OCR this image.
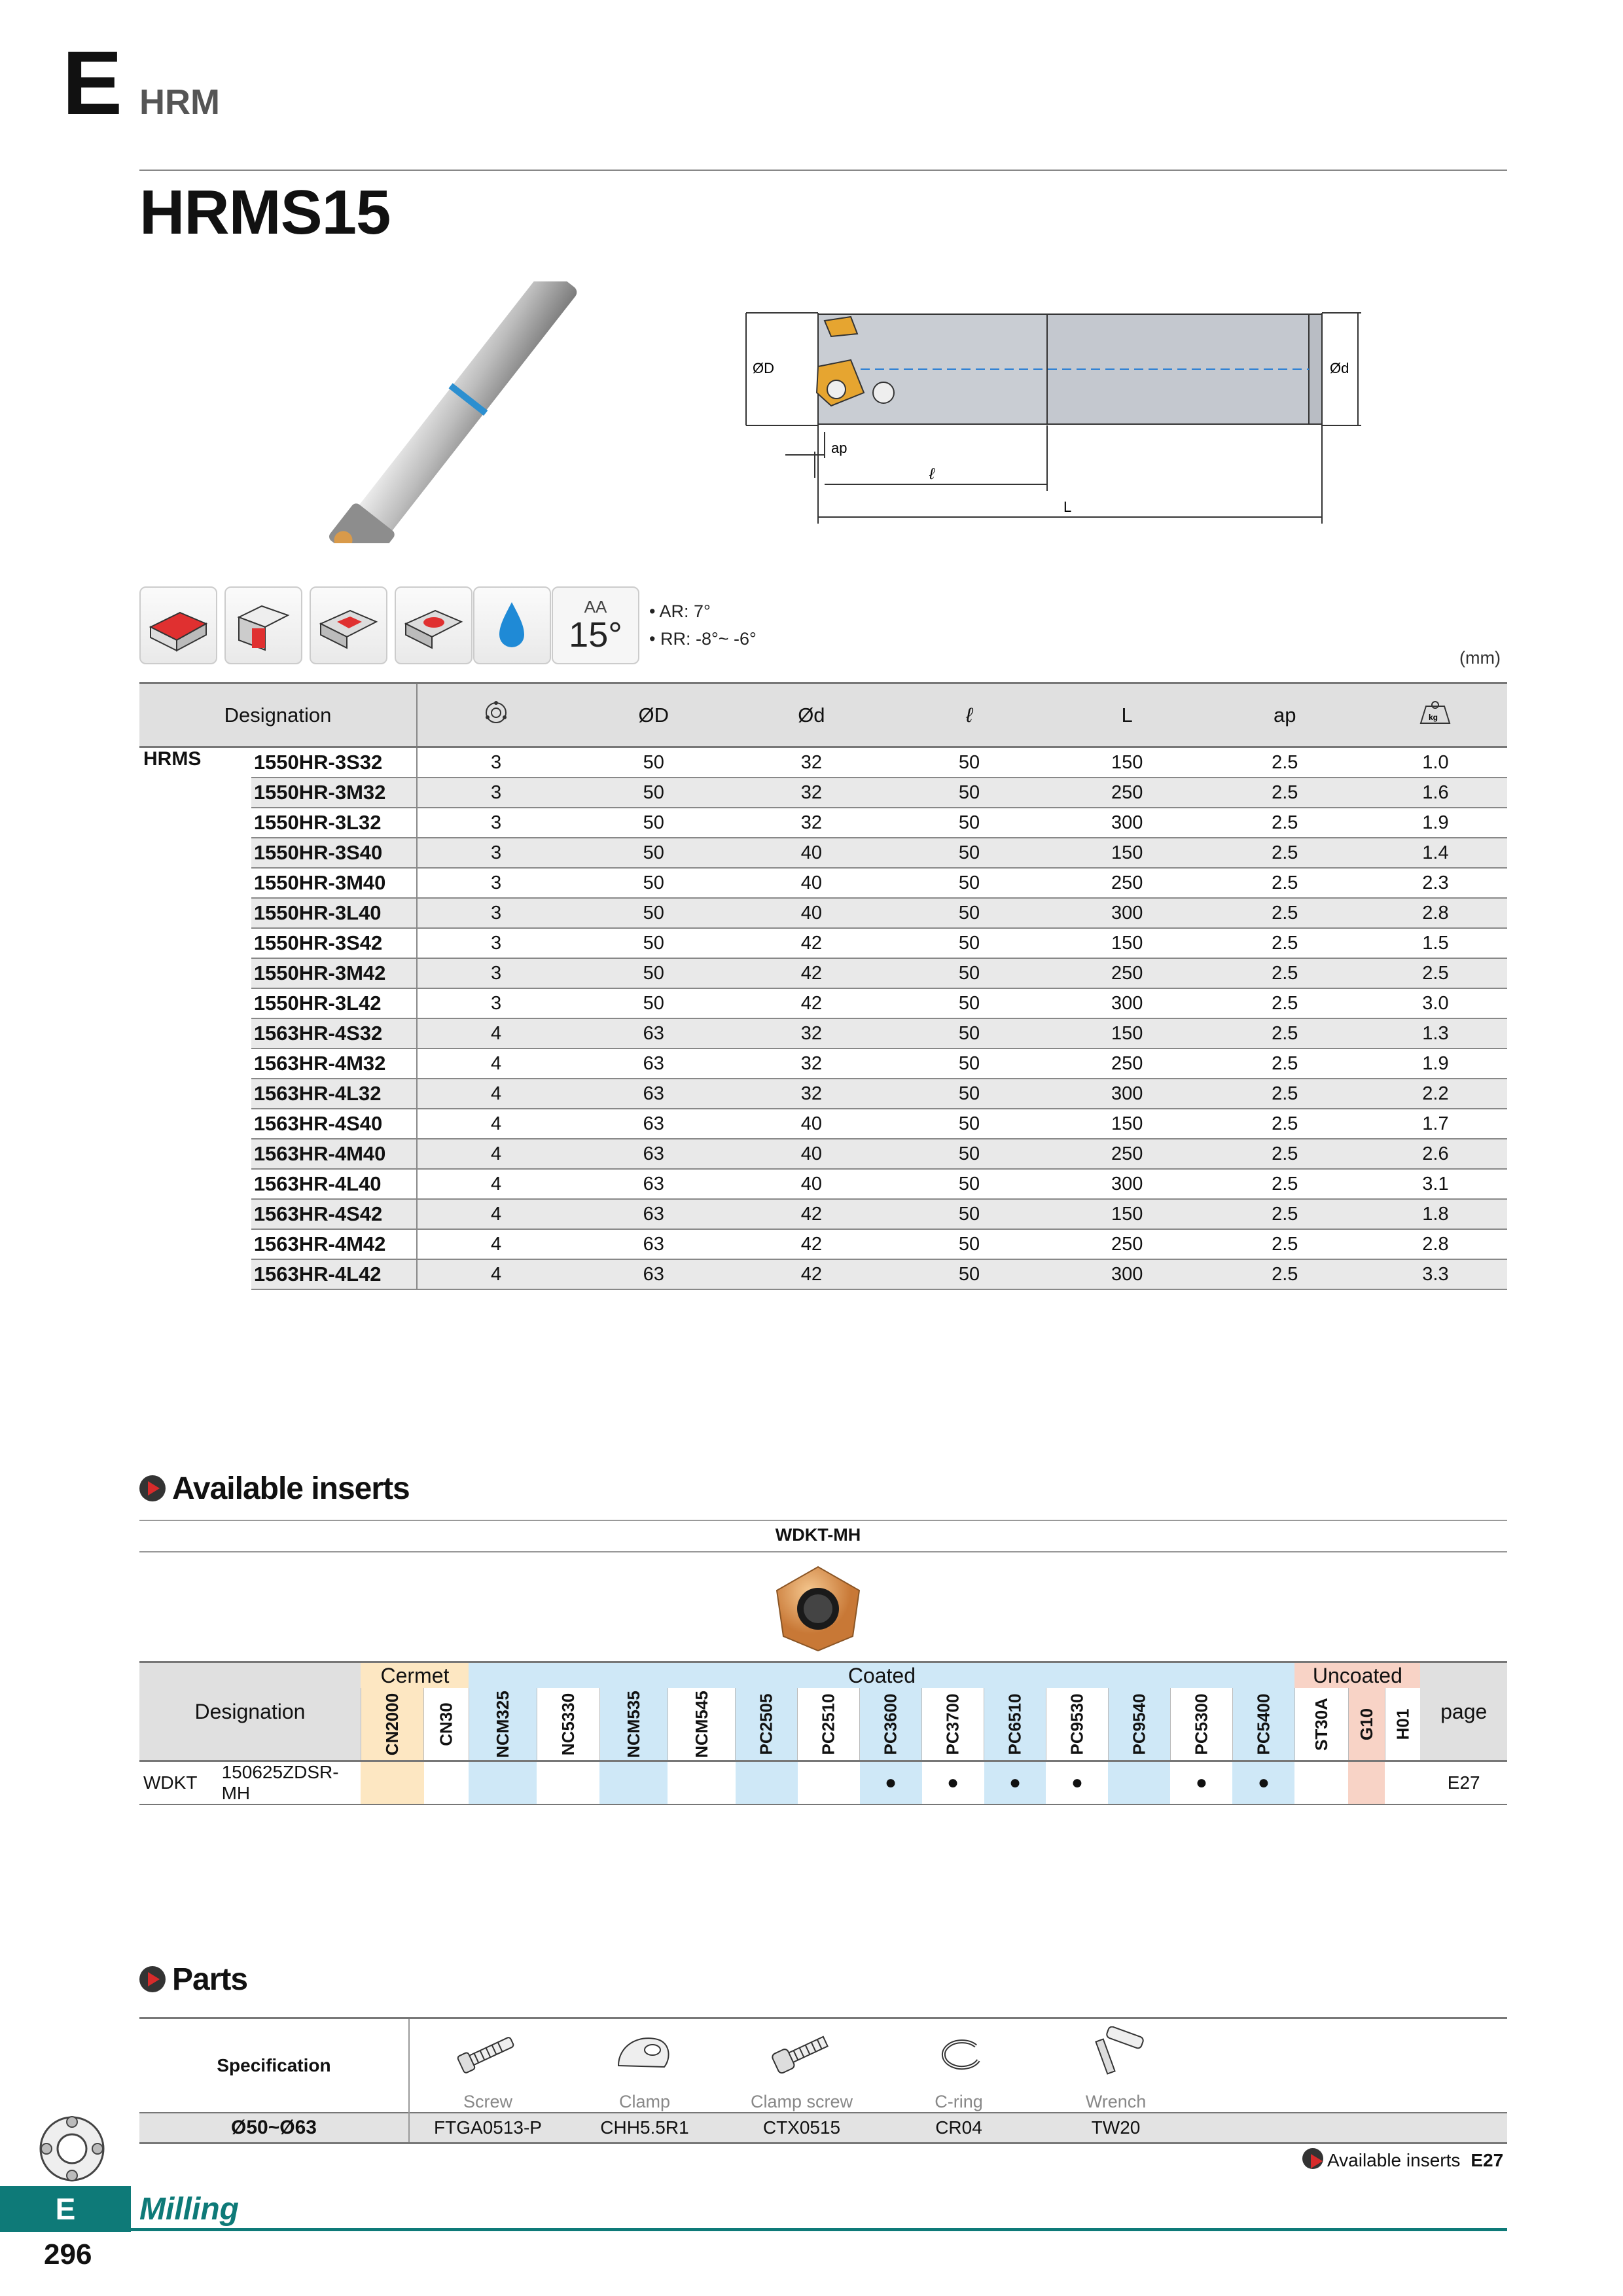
E HRM
HRMS15
ØD	Ød
ap
ℓ
L
AA
15°
• AR: 7°
• RR: -8°~ -6°
(mm)
Designation			ØD	Ød	ℓ	L	ap	kg

HRMS	1550HR-3S32	3	50	32	50	150	2.5	1.0
	1550HR-3M32	3	50	32	50	250	2.5	1.6
	1550HR-3L32	3	50	32	50	300	2.5	1.9
	1550HR-3S40	3	50	40	50	150	2.5	1.4
	1550HR-3M40	3	50	40	50	250	2.5	2.3
	1550HR-3L40	3	50	40	50	300	2.5	2.8
	1550HR-3S42	3	50	42	50	150	2.5	1.5
	1550HR-3M42	3	50	42	50	250	2.5	2.5
	1550HR-3L42	3	50	42	50	300	2.5	3.0
	1563HR-4S32	4	63	32	50	150	2.5	1.3
	1563HR-4M32	4	63	32	50	250	2.5	1.9
	1563HR-4L32	4	63	32	50	300	2.5	2.2
	1563HR-4S40	4	63	40	50	150	2.5	1.7
	1563HR-4M40	4	63	40	50	250	2.5	2.6
	1563HR-4L40	4	63	40	50	300	2.5	3.1
	1563HR-4S42	4	63	42	50	150	2.5	1.8
	1563HR-4M42	4	63	42	50	250	2.5	2.8
	1563HR-4L42	4	63	42	50	300	2.5	3.3
Available inserts
WDKT-MH
Designation		Cermet		Coated													Uncoated			page
		CN2000	CN30	NCM325	NC5330	NCM535	NCM545	PC2505	PC2510	PC3600	PC3700	PC6510	PC9530	PC9540	PC5300	PC5400	ST30A	G10	H01	
WDKT	150625ZDSR-MH									●	●	●	●		●	●				E27
Parts
Specification						
	Screw	Clamp	Clamp screw	C-ring	Wrench	
Ø50~Ø63	FTGA0513-P	CHH5.5R1	CTX0515	CR04	TW20	
Available inserts E27
E	Milling
296
